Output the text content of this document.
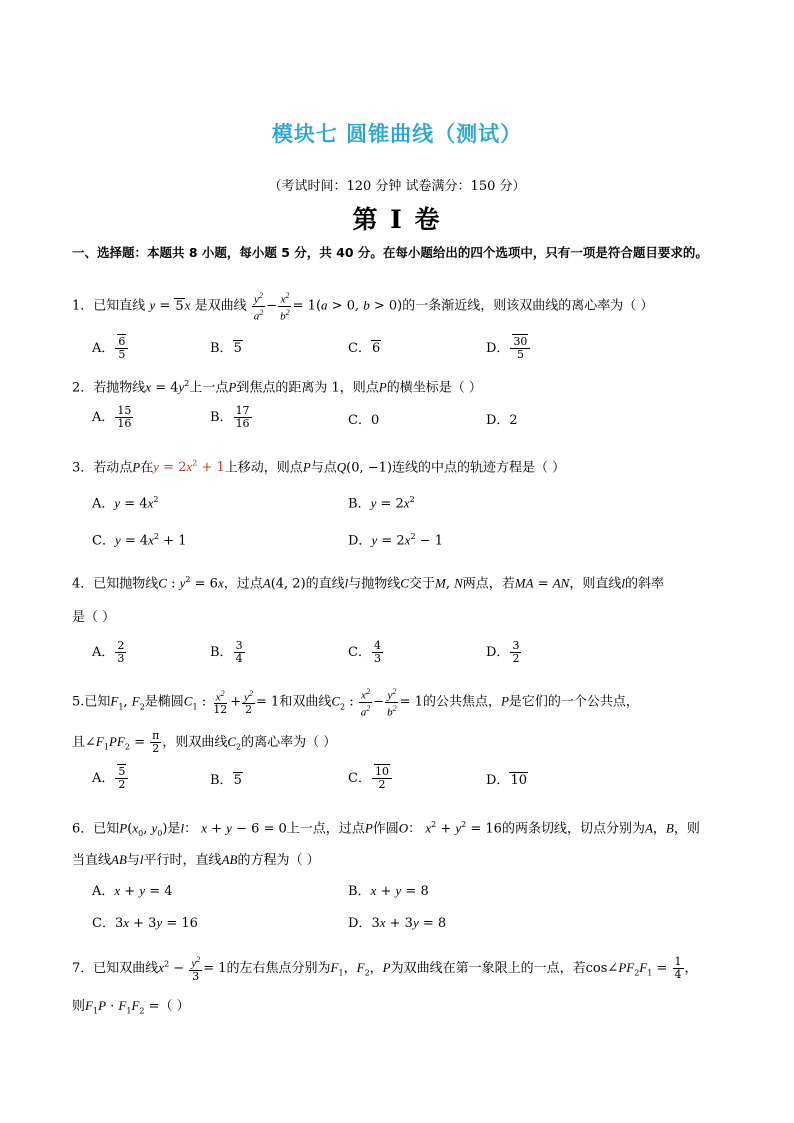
模块七 圆锥曲线（测试）
（考试时间：120 分钟 试卷满分：150 分）
第 I 卷
一、选择题：本题共 8 小题，每小题 5 分，共 40 分。在每小题给出的四个选项中，只有一项是符合题目要求的。
1．已知直线 y = 5x 是双曲线 $\frac{y^2}{a^2} - \frac{x^2}{b^2} = 1(a > 0$, b > 0)的一条渐近线，则该双曲线的离心率为（ ）
A． $\frac{6}{5}$	B．5	C．6	D． $\frac{30}{5}$
2．若抛物线$x = 4y^2$上一点P到焦点的距离为 1，则点P的横坐标是（ ）
A． $\frac{15}{16}$	B． $\frac{17}{16}$	C．0	D．2
3．若动点P在$y = 2x^2 + 1$上移动，则点P与点Q(0, −1)连线的中点的轨迹方程是（ ）
A．$y = 4x^2$	B．$y = 2x^2$
C．$y = 4x^2 + 1$	D．$y = 2x^2 - 1$
4．已知抛物线C : $y^2 = 6x$，过点A(4, 2)的直线l与抛物线C交于M, N两点，若MA = AN，则直线l的斜率
是（ ）
A． $\frac{2}{3}$	B． $\frac{3}{4}$	C． $\frac{4}{3}$	D． $\frac{3}{2}$
5.已知$F_1$, $F_2$是椭圆$C_1$ : $\frac{x^2}{12} + \frac{y^2}{2} = 1$和双曲线$C_2$ : $\frac{x^2}{a^2} - \frac{y^2}{b^2} = 1$的公共焦点，P是它们的一个公共点，
且$\angle F_1PF_2 = \frac{\pi}{2}$ ，则双曲线$C_2$的离心率为（ ）
A． $\frac{5}{2}$	B．5	C． $\frac{10}{2}$	D．10
6．已知$P(x_0$, $y_0$)是l： x + y − 6 = 0上一点，过点P作圆O： $x^2 + y^2 = 16$的两条切线，切点分别为A，B，则
当直线AB与l平行时，直线AB的方程为（ ）
A．x + y = 4	B．x + y = 8
C．3x + 3y = 16	D．3x + 3y = 8
7．已知双曲线$x^2 - \frac{y^2}{3} = 1$的左右焦点分别为$F_1$，$F_2$，P为双曲线在第一象限上的一点，若$\cos\angle PF_2F_1 = \frac{1}{4}$ ，
则$F_1P \cdot F_1F_2$ =（ ）
